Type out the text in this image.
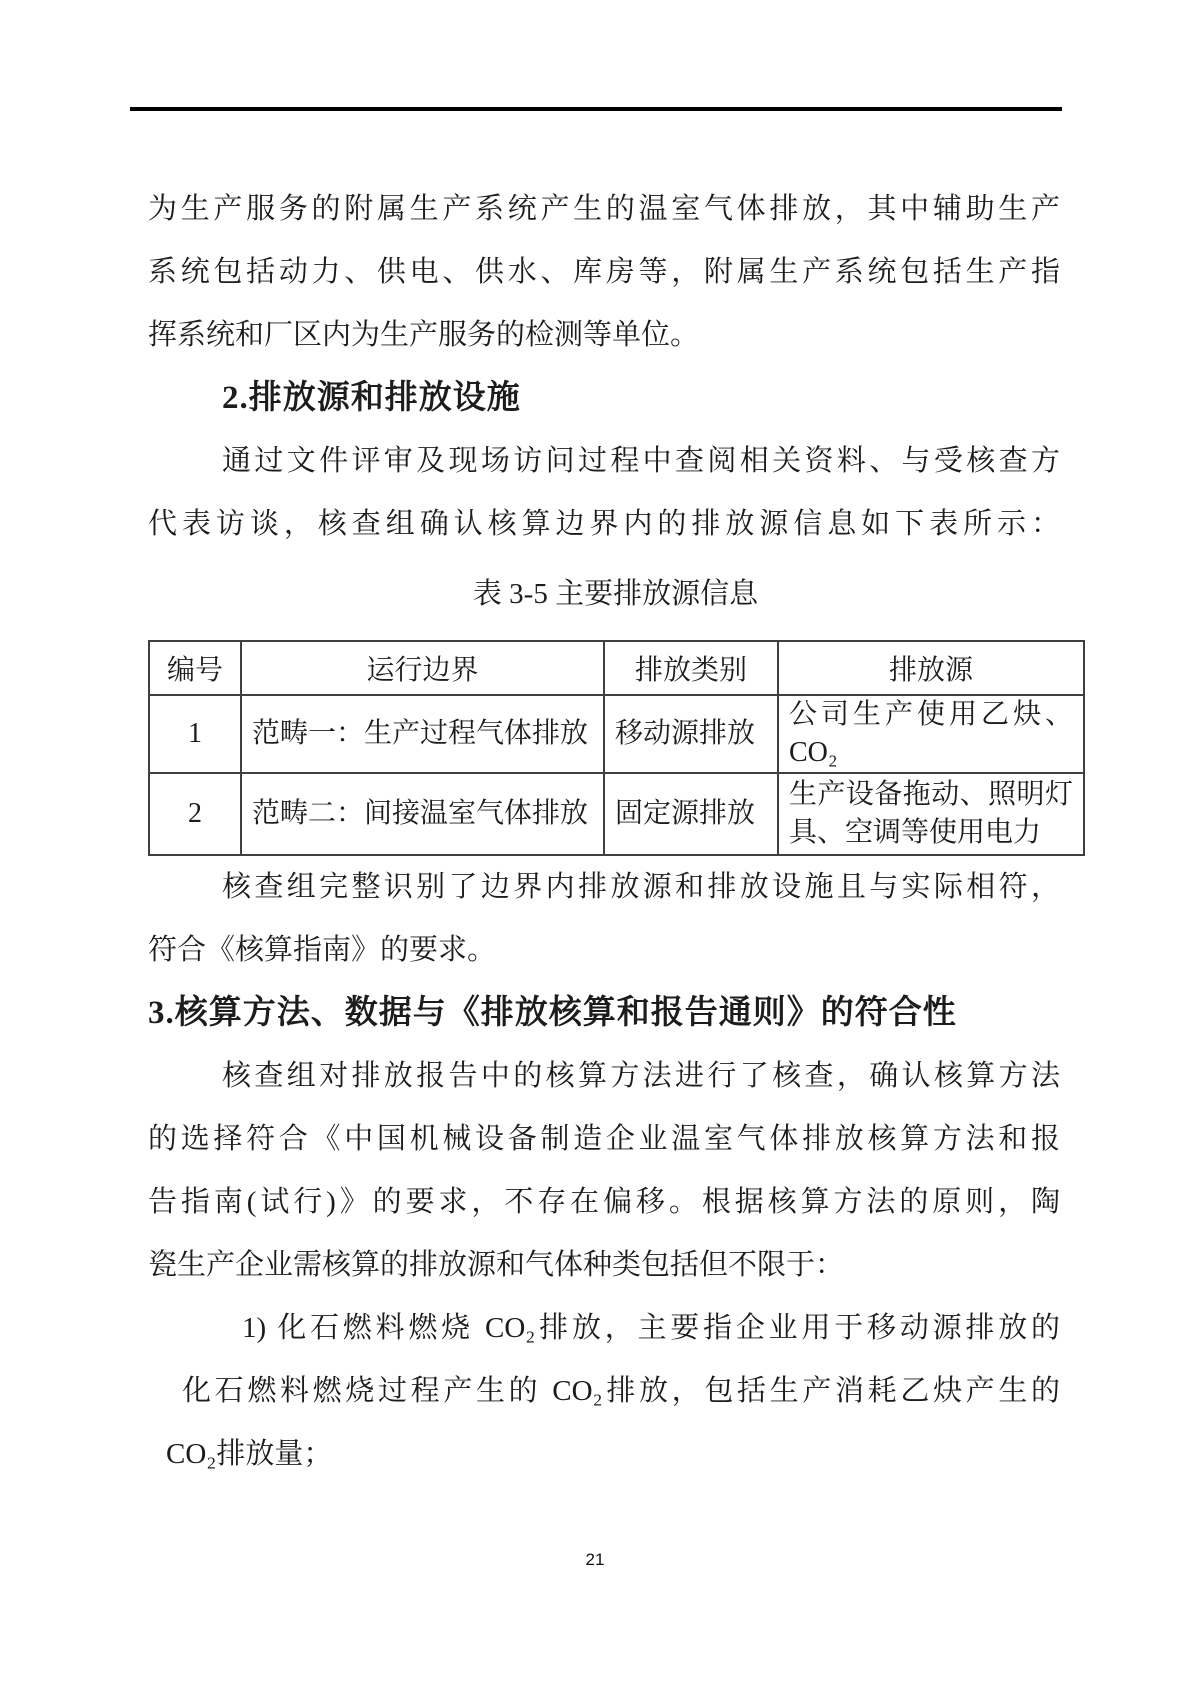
为生产服务的附属生产系统产生的温室气体排放，其中辅助生产
系统包括动力、供电、供水、库房等，附属生产系统包括生产指
挥系统和厂区内为生产服务的检测等单位。
2.排放源和排放设施
通过文件评审及现场访问过程中查阅相关资料、与受核查方
代表访谈，核查组确认核算边界内的排放源信息如下表所示：
表 3-5 主要排放源信息
编号	运行边界	排放类别	排放源
1	范畴一：生产过程气体排放	移动源排放	公司生产使用乙炔、CO₂
2	范畴二：间接温室气体排放	固定源排放	生产设备拖动、照明灯具、空调等使用电力
核查组完整识别了边界内排放源和排放设施且与实际相符，
符合《核算指南》的要求。
3.核算方法、数据与《排放核算和报告通则》的符合性
核查组对排放报告中的核算方法进行了核查，确认核算方法
的选择符合《中国机械设备制造企业温室气体排放核算方法和报
告指南(试行)》的要求，不存在偏移。根据核算方法的原则，陶
瓷生产企业需核算的排放源和气体种类包括但不限于：
1) 化石燃料燃烧 CO₂排放，主要指企业用于移动源排放的
化石燃料燃烧过程产生的 CO₂排放，包括生产消耗乙炔产生的
CO₂排放量；
21
